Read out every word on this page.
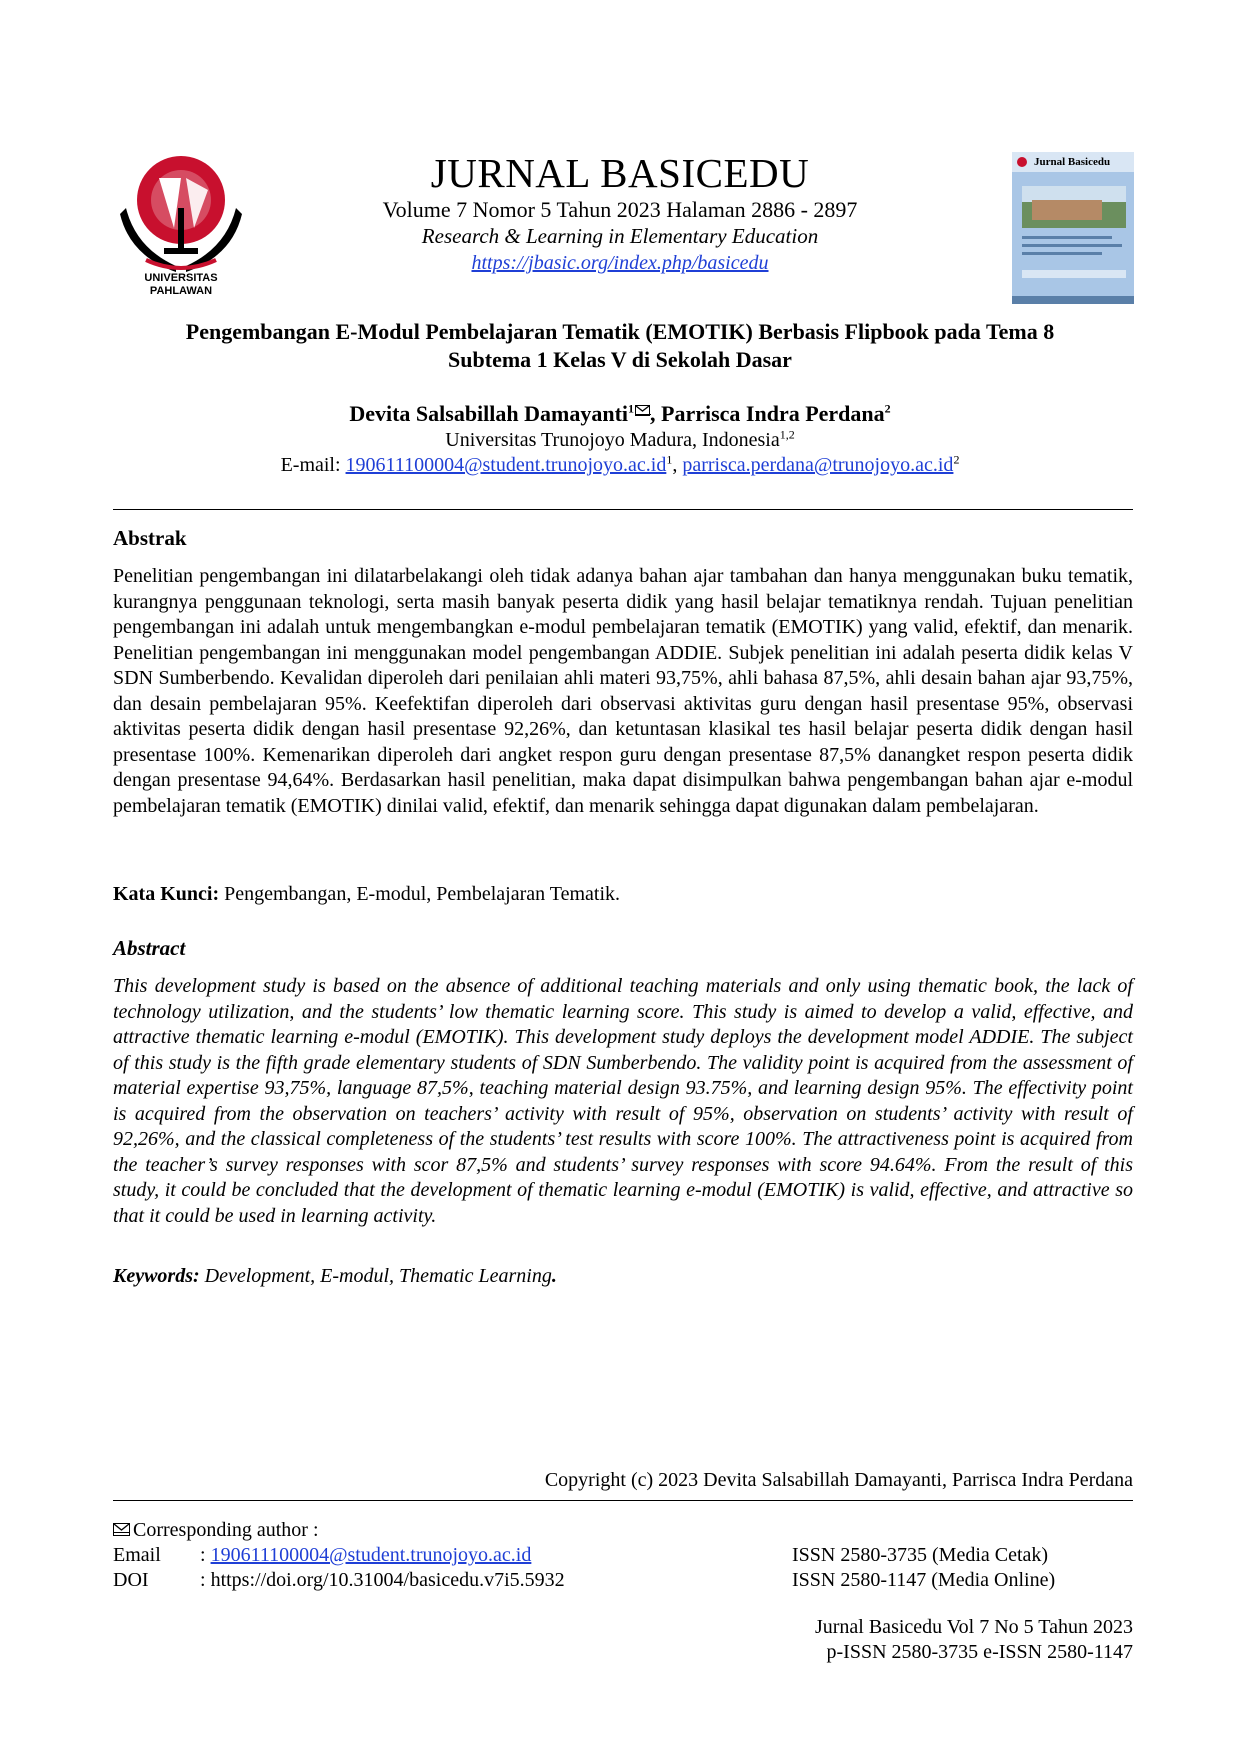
UNIVERSITAS PAHLAWAN
JURNAL BASICEDU
Volume 7 Nomor 5 Tahun 2023 Halaman 2886 - 2897
Research & Learning in Elementary Education
https://jbasic.org/index.php/basicedu
Jurnal Basicedu
Pengembangan E-Modul Pembelajaran Tematik (EMOTIK) Berbasis Flipbook pada Tema 8
Subtema 1 Kelas V di Sekolah Dasar
Devita Salsabillah Damayanti$^1$ , Parrisca Indra Perdana$^2$
Universitas Trunojoyo Madura, Indonesia$^{1,2}$
E-mail: $190611100004@student.trunojoyo.ac.id^1$, $parrisca.perdana@trunojoyo.ac.id^2$
Abstrak
Penelitian pengembangan ini dilatarbelakangi oleh tidak adanya bahan ajar tambahan dan hanya menggunakan buku tematik, kurangnya penggunaan teknologi, serta masih banyak peserta didik yang hasil belajar tematiknya rendah. Tujuan penelitian pengembangan ini adalah untuk mengembangkan e-modul pembelajaran tematik (EMOTIK) yang valid, efektif, dan menarik. Penelitian pengembangan ini menggunakan model pengembangan ADDIE. Subjek penelitian ini adalah peserta didik kelas V SDN Sumberbendo. Kevalidan diperoleh dari penilaian ahli materi 93,75%, ahli bahasa 87,5%, ahli desain bahan ajar 93,75%, dan desain pembelajaran 95%. Keefektifan diperoleh dari observasi aktivitas guru dengan hasil presentase 95%, observasi aktivitas peserta didik dengan hasil presentase 92,26%, dan ketuntasan klasikal tes hasil belajar peserta didik dengan hasil presentase 100%. Kemenarikan diperoleh dari angket respon guru dengan presentase 87,5% danangket respon peserta didik dengan presentase 94,64%. Berdasarkan hasil penelitian, maka dapat disimpulkan bahwa pengembangan bahan ajar e-modul pembelajaran tematik (EMOTIK) dinilai valid, efektif, dan menarik sehingga dapat digunakan dalam pembelajaran.
Kata Kunci: Pengembangan, E-modul, Pembelajaran Tematik.
Abstract
This development study is based on the absence of additional teaching materials and only using thematic book, the lack of technology utilization, and the students’ low thematic learning score. This study is aimed to develop a valid, effective, and attractive thematic learning e-modul (EMOTIK). This development study deploys the development model ADDIE. The subject of this study is the fifth grade elementary students of SDN Sumberbendo. The validity point is acquired from the assessment of material expertise 93,75%, language 87,5%, teaching material design 93.75%, and learning design 95%. The effectivity point is acquired from the observation on teachers’ activity with result of 95%, observation on students’ activity with result of 92,26%, and the classical completeness of the students’ test results with score 100%. The attractiveness point is acquired from the teacher’s survey responses with scor 87,5% and students’ survey responses with score 94.64%. From the result of this study, it could be concluded that the development of thematic learning e-modul (EMOTIK) is valid, effective, and attractive so that it could be used in learning activity.
Keywords: Development, E-modul, Thematic Learning.
Copyright (c) 2023 Devita Salsabillah Damayanti, Parrisca Indra Perdana
Corresponding author :
Email : 190611100004@student.trunojoyo.ac.id
DOI	: https://doi.org/10.31004/basicedu.v7i5.5932
ISSN 2580-3735 (Media Cetak)
ISSN 2580-1147 (Media Online)
Jurnal Basicedu Vol 7 No 5 Tahun 2023
p-ISSN 2580-3735 e-ISSN 2580-1147
